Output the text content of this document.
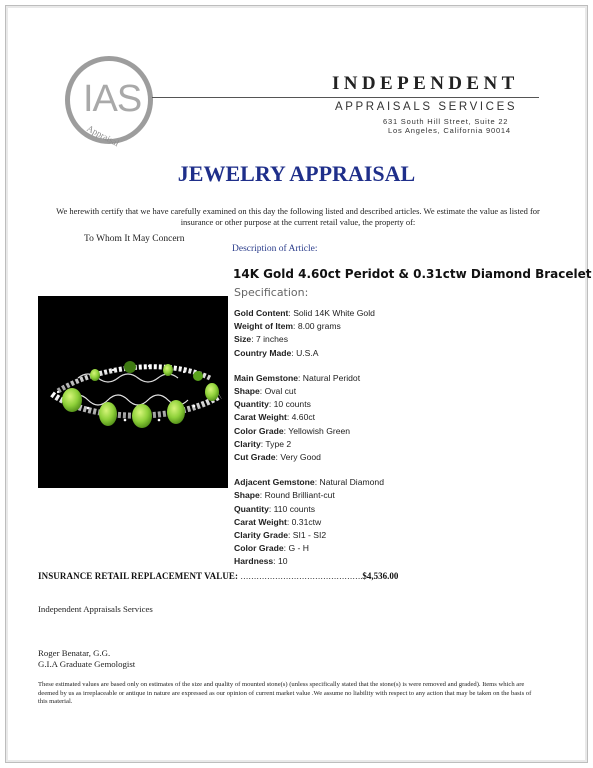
IAS
Appraisal
INDEPENDENT
APPRAISALS SERVICES
631 South Hill Street, Suite 22
Los Angeles, California 90014
JEWELRY APPRAISAL
We herewith certify that we have carefully examined on this day the following listed and described articles. We estimate the value as listed for insurance or other purpose at the current retail value, the property of:
To Whom It May Concern
Description of Article:
14K Gold 4.60ct Peridot & 0.31ctw Diamond Bracelet
Specification:
Gold Content: Solid 14K White Gold
Weight of Item: 8.00 grams
Size: 7 inches
Country Made: U.S.A
Main Gemstone: Natural Peridot
Shape: Oval cut
Quantity: 10 counts
Carat Weight: 4.60ct
Color Grade: Yellowish Green
Clarity: Type 2
Cut Grade: Very Good
Adjacent Gemstone: Natural Diamond
Shape: Round Brilliant-cut
Quantity: 110 counts
Carat Weight: 0.31ctw
Clarity Grade: SI1 - SI2
Color Grade: G - H
Hardness: 10
INSURANCE RETAIL REPLACEMENT VALUE: ……………………………………….$4,536.00
Independent Appraisals Services
Roger Benatar, G.G.
G.I.A Graduate Gemologist
These estimated values are based only on estimates of the size and quality of mounted stone(s) (unless specifically stated that the stone(s) is were removed and graded). Items which are deemed by us as irreplaceable or antique in nature are expressed as our opinion of current market value .We assume no liability with respect to any action that may be taken on the basis of this material.
